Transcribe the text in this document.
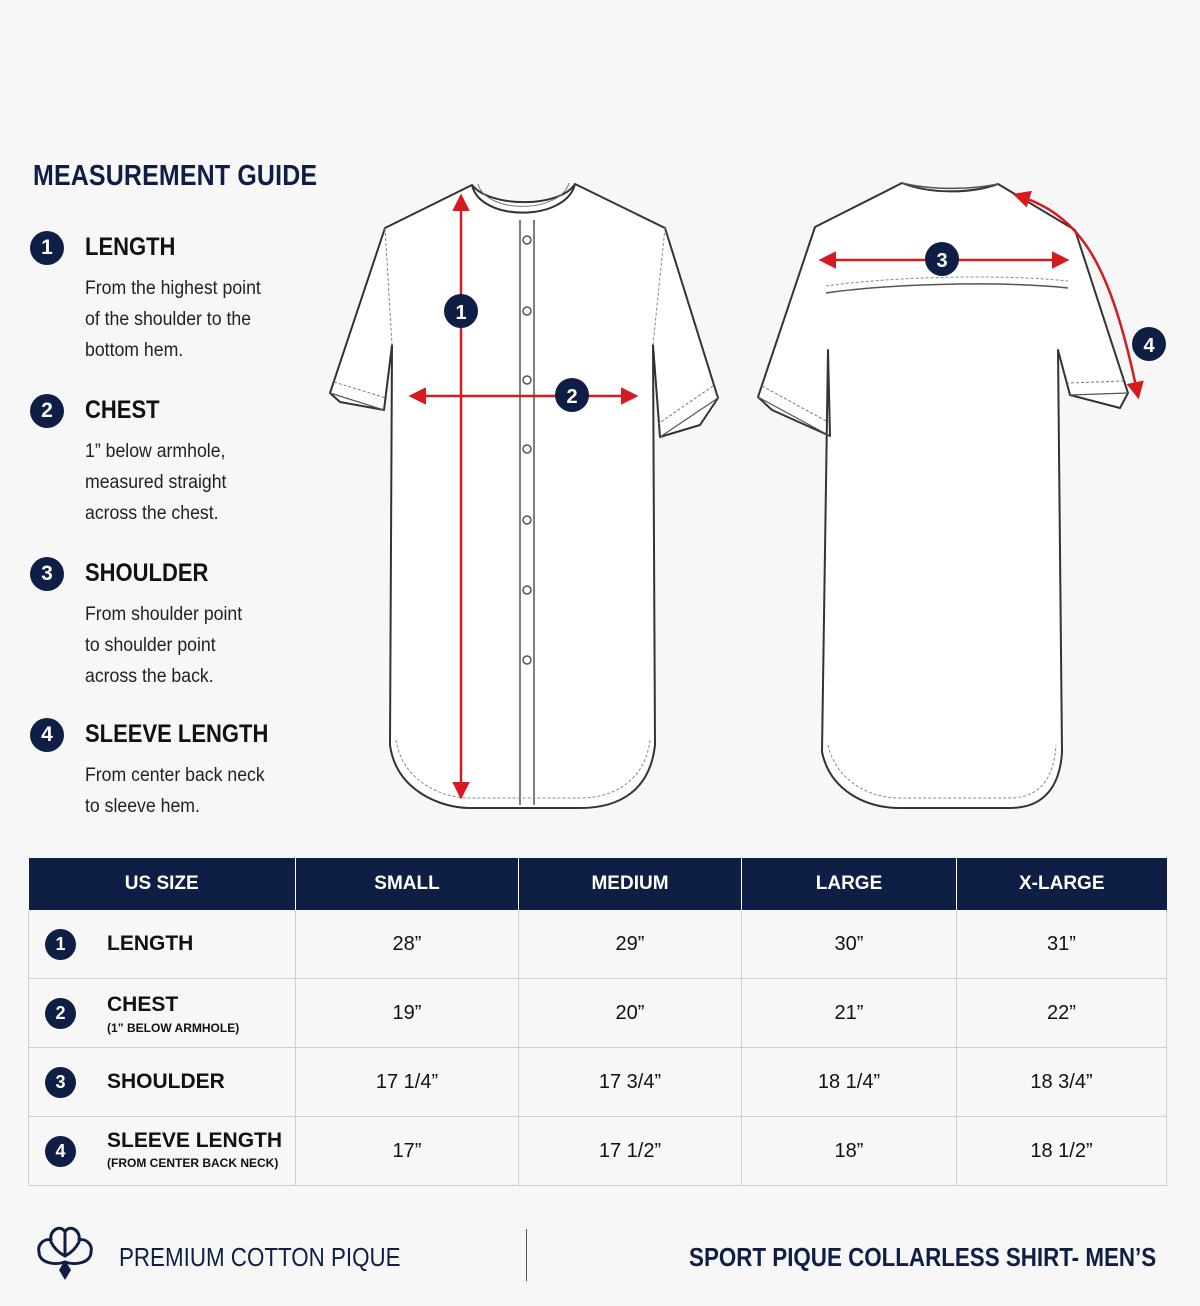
MEASUREMENT GUIDE
1	LENGTH
From the highest point
of the shoulder to the
bottom hem.
2	CHEST
1” below armhole,
measured straight
across the chest.
3	SHOULDER
From shoulder point
to shoulder point
across the back.
4	SLEEVE LENGTH
From center back neck
to sleeve hem.
1
2
3
4
US SIZE	SMALL	MEDIUM	LARGE	X-LARGE

1 LENGTH	28”	29”	30”	31”

2 CHEST
(1” BELOW ARMHOLE)	19”	20”	21”	22”

3 SHOULDER	17 1/4”	17 3/4”	18 1/4”	18 3/4”

4 SLEEVE LENGTH
(FROM CENTER BACK NECK)	17”	17 1/2”	18”	18 1/2”
PREMIUM COTTON PIQUE	SPORT PIQUE COLLARLESS SHIRT- MEN’S
